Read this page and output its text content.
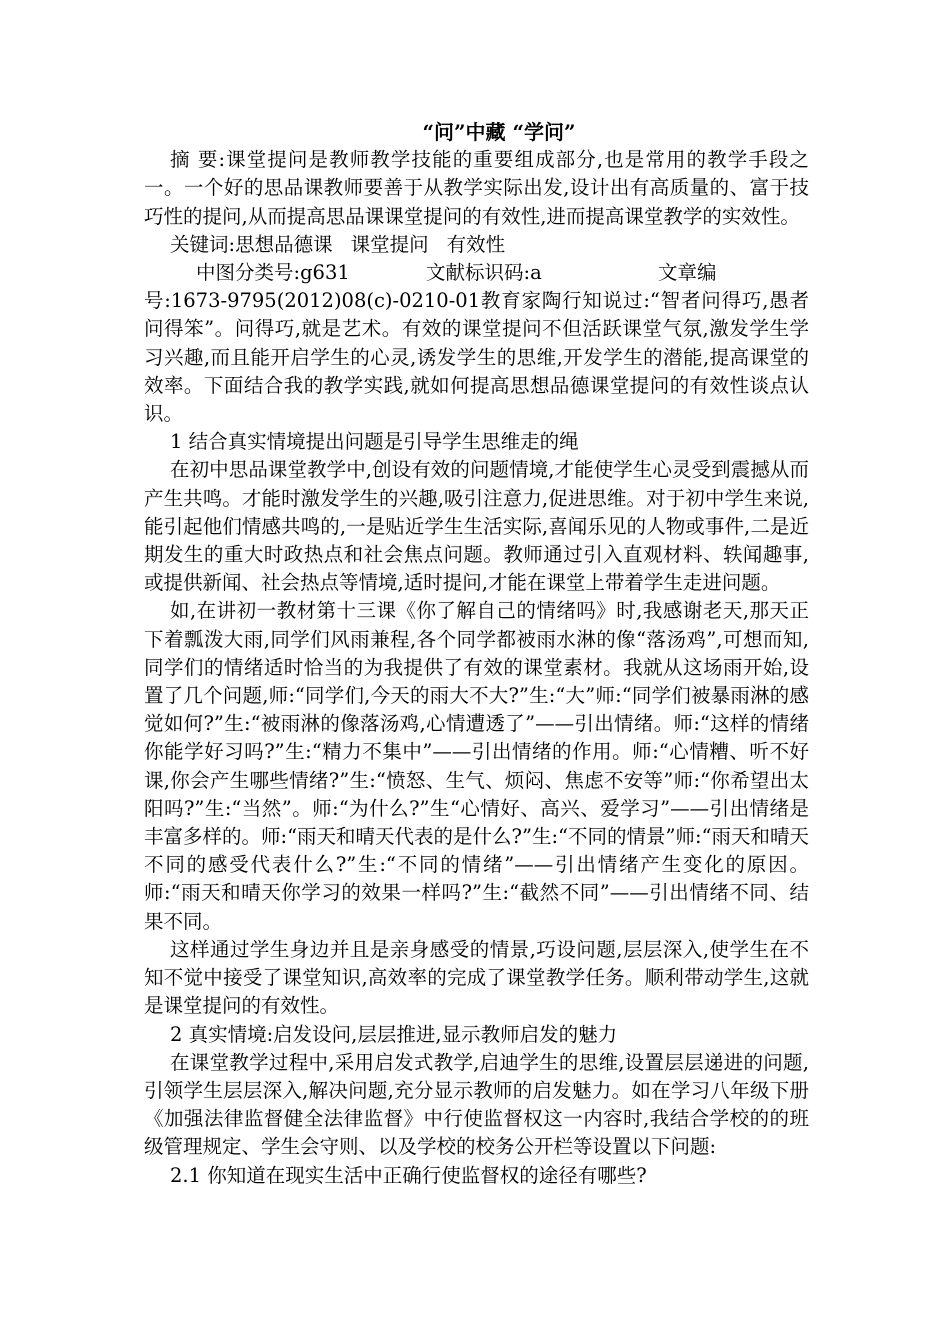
“问”中藏 “学问”

摘 要:课堂提问是教师教学技能的重要组成部分,也是常用的教学手段之一。一个好的思品课教师要善于从教学实际出发,设计出有高质量的、富于技巧性的提问,从而提高思品课课堂提问的有效性,进而提高课堂教学的实效性。

关键词:思想品德课 课堂提问 有效性

中图分类号:g631	文献标识码:a	文章编

号:1673-9795(2012)08(c)-0210-01教育家陶行知说过:“智者问得巧,愚者问得笨”。问得巧,就是艺术。有效的课堂提问不但活跃课堂气氛,激发学生学习兴趣,而且能开启学生的心灵,诱发学生的思维,开发学生的潜能,提高课堂的效率。下面结合我的教学实践,就如何提高思想品德课堂提问的有效性谈点认识。

1 结合真实情境提出问题是引导学生思维走的绳

在初中思品课堂教学中,创设有效的问题情境,才能使学生心灵受到震撼从而产生共鸣。才能时激发学生的兴趣,吸引注意力,促进思维。对于初中学生来说,能引起他们情感共鸣的,一是贴近学生生活实际,喜闻乐见的人物或事件,二是近期发生的重大时政热点和社会焦点问题。教师通过引入直观材料、轶闻趣事,或提供新闻、社会热点等情境,适时提问,才能在课堂上带着学生走进问题。

如,在讲初一教材第十三课《你了解自己的情绪吗》时,我感谢老天,那天正下着瓢泼大雨,同学们风雨兼程,各个同学都被雨水淋的像“落汤鸡”,可想而知,同学们的情绪适时恰当的为我提供了有效的课堂素材。我就从这场雨开始,设置了几个问题,师:“同学们,今天的雨大不大?”生:“大”师:“同学们被暴雨淋的感觉如何?”生:“被雨淋的像落汤鸡,心情遭透了”——引出情绪。师:“这样的情绪你能学好习吗?”生:“精力不集中”——引出情绪的作用。师:“心情糟、听不好课,你会产生哪些情绪?”生:“愤怒、生气、烦闷、焦虑不安等”师:“你希望出太阳吗?”生:“当然”。师:“为什么?”生“心情好、高兴、爱学习”——引出情绪是丰富多样的。师:“雨天和晴天代表的是什么?”生:“不同的情景”师:“雨天和晴天不同的感受代表什么?”生:“不同的情绪”——引出情绪产生变化的原因。师:“雨天和晴天你学习的效果一样吗?”生:“截然不同”——引出情绪不同、结果不同。

这样通过学生身边并且是亲身感受的情景,巧设问题,层层深入,使学生在不知不觉中接受了课堂知识,高效率的完成了课堂教学任务。顺利带动学生,这就是课堂提问的有效性。

2 真实情境:启发设问,层层推进,显示教师启发的魅力

在课堂教学过程中,采用启发式教学,启迪学生的思维,设置层层递进的问题,引领学生层层深入,解决问题,充分显示教师的启发魅力。如在学习八年级下册《加强法律监督健全法律监督》中行使监督权这一内容时,我结合学校的的班级管理规定、学生会守则、以及学校的校务公开栏等设置以下问题:

2.1 你知道在现实生活中正确行使监督权的途径有哪些?
